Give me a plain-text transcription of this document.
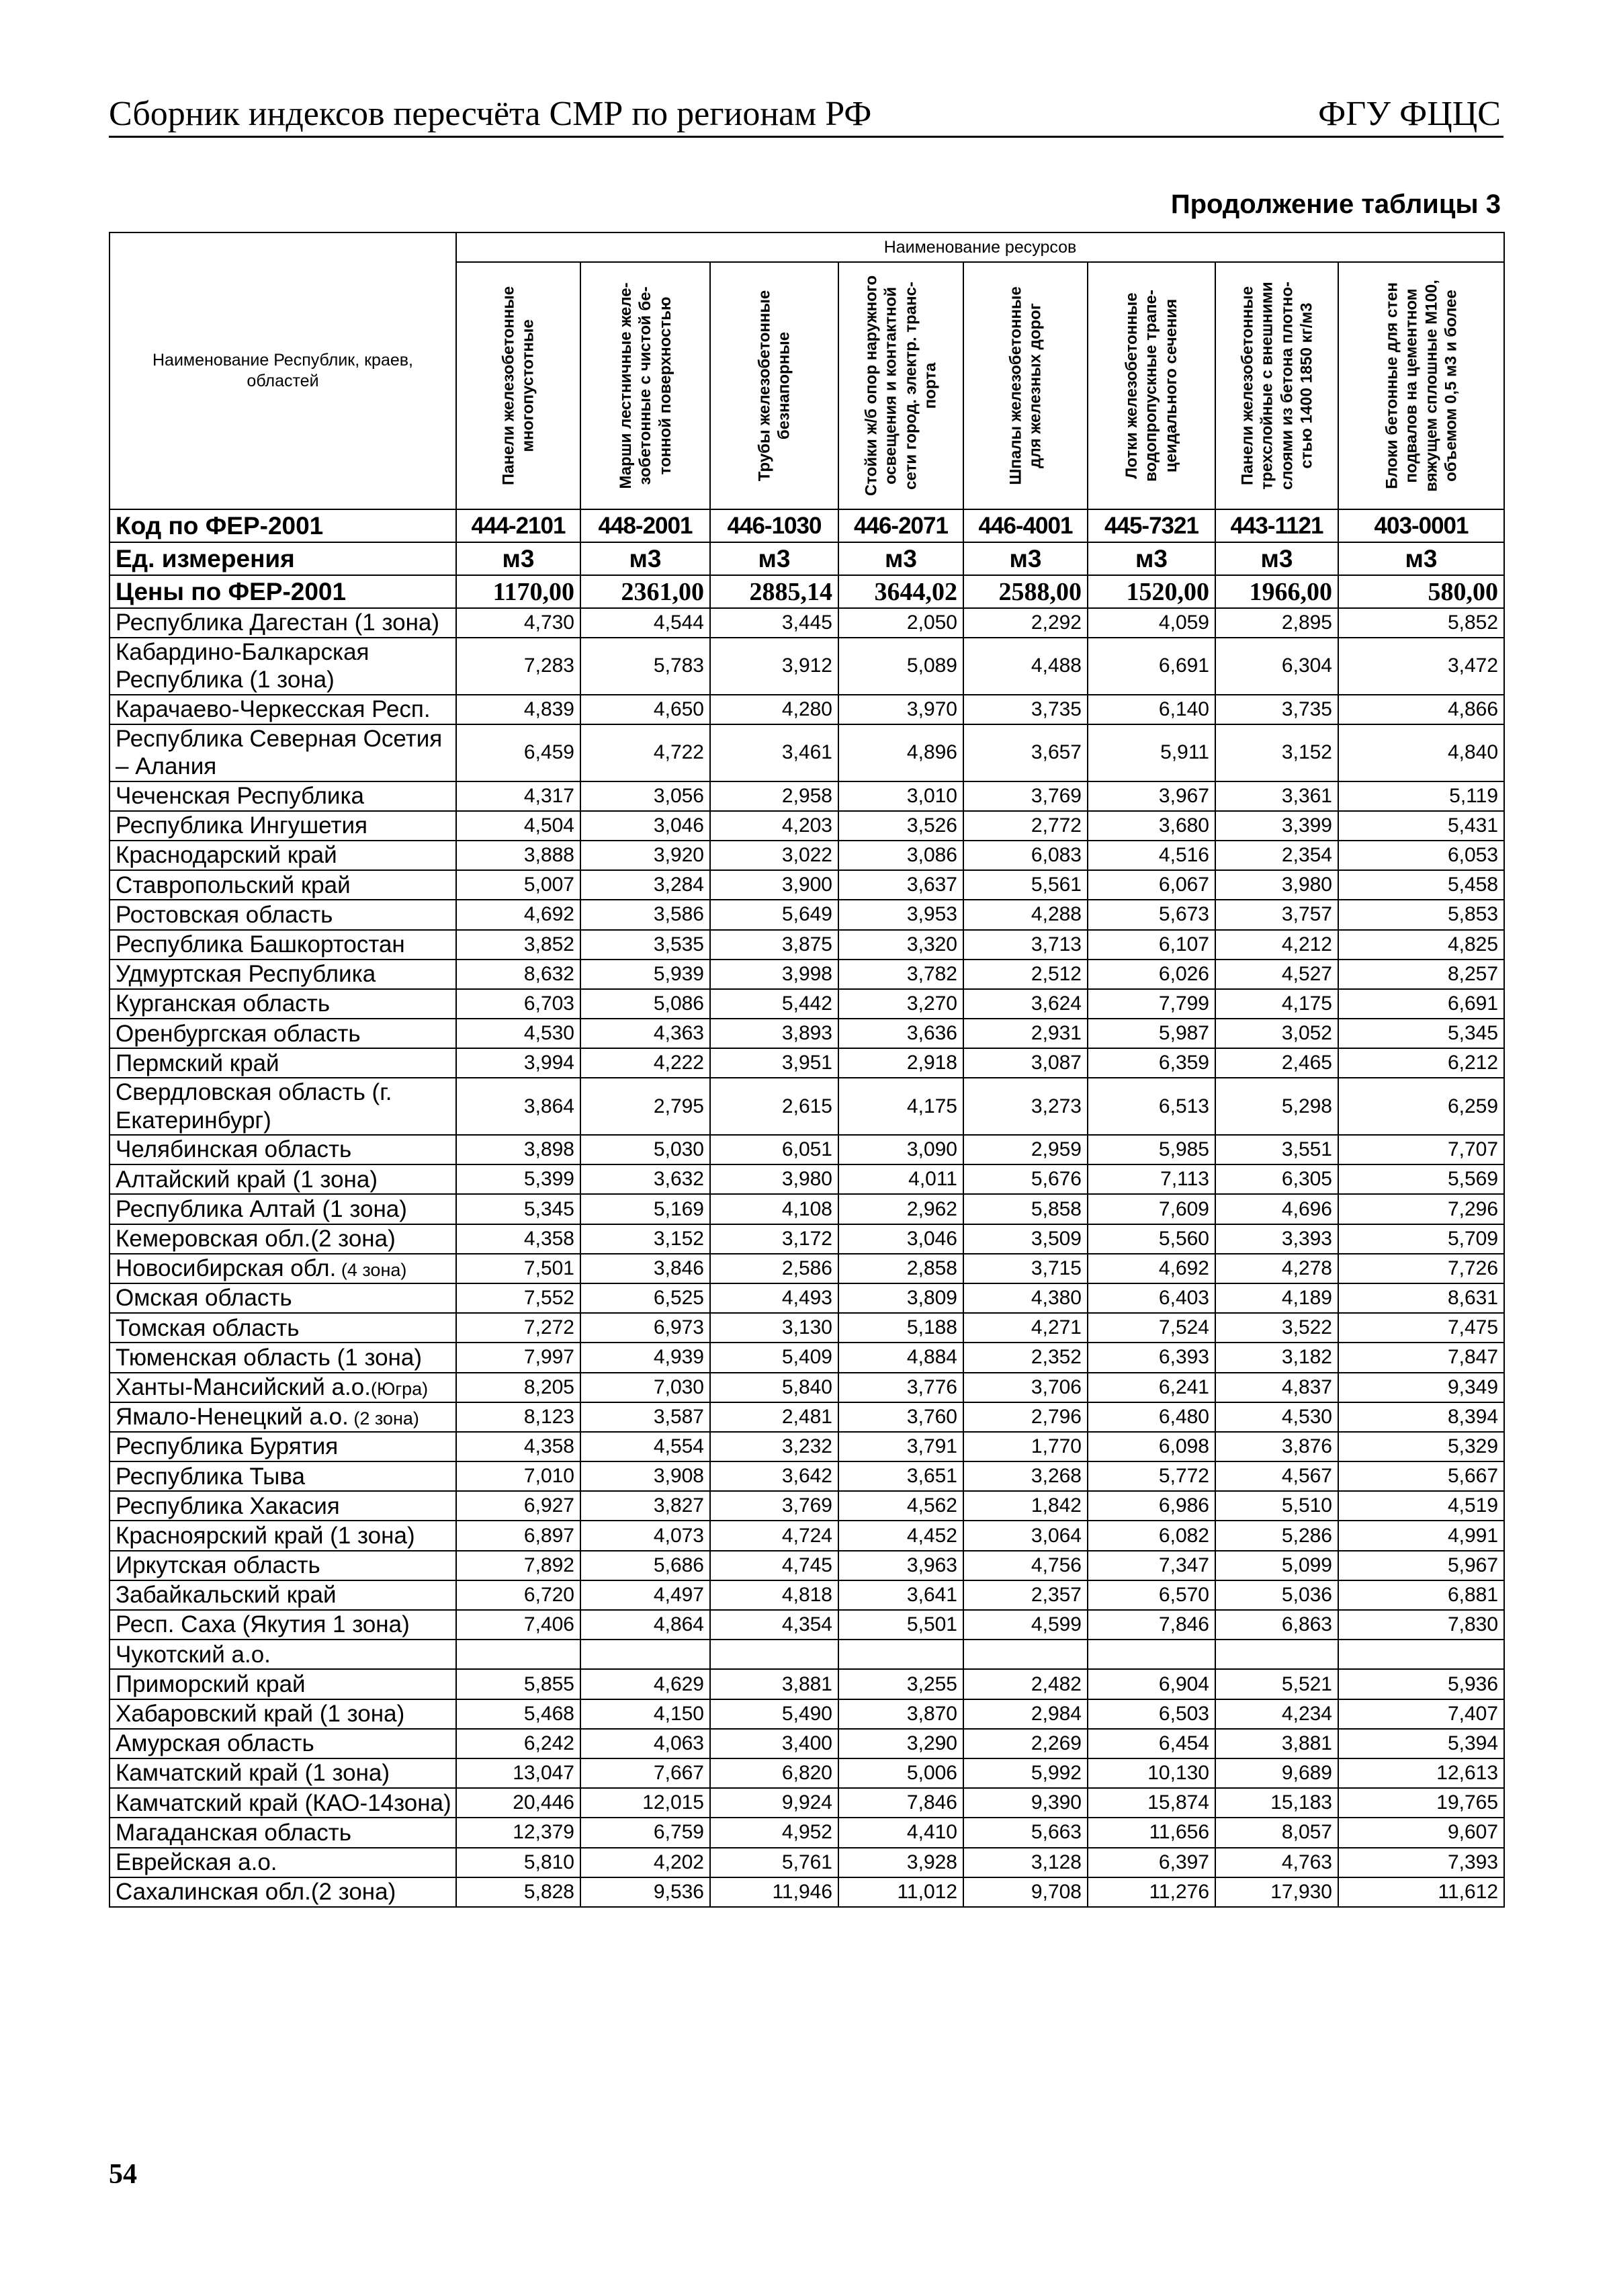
Сборник индексов пересчёта СМР по регионам РФ	ФГУ ФЦЦС
Продолжение таблицы 3
Наименование Республик, краев, областей	Наименование ресурсов							

	Панели железобетонные многопустотные	Марши лестничные желе-зобетонные с чистой бе-тонной поверхностью	Трубы железобетонные безнапорные	Стойки ж/б опор наружного освещения и контактной сети город. электр. транс-порта	Шпалы железобетонные для железных дорог	Лотки железобетонные водопропускные трапе-цеидального сечения	Панели железобетонные трехслойные с внешними слоями из бетона плотно-стью 1400 1850 кг/м3	Блоки бетонные для стен подвалов на цементном вяжущем сплошные М100, объемом 0,5 м3 и более

Код по ФЕР-2001	444-2101	448-2001	446-1030	446-2071	446-4001	445-7321	443-1121	403-0001
Ед. измерения	м3	м3	м3	м3	м3	м3	м3	м3
Цены по ФЕР-2001	1170,00	2361,00	2885,14	3644,02	2588,00	1520,00	1966,00	580,00
Республика Дагестан (1 зона)	4,730	4,544	3,445	2,050	2,292	4,059	2,895	5,852
Кабардино-Балкарская Республика (1 зона)	7,283	5,783	3,912	5,089	4,488	6,691	6,304	3,472
Карачаево-Черкесская Респ.	4,839	4,650	4,280	3,970	3,735	6,140	3,735	4,866
Республика Северная Осетия – Алания	6,459	4,722	3,461	4,896	3,657	5,911	3,152	4,840
Чеченская Республика	4,317	3,056	2,958	3,010	3,769	3,967	3,361	5,119
Республика Ингушетия	4,504	3,046	4,203	3,526	2,772	3,680	3,399	5,431
Краснодарский край	3,888	3,920	3,022	3,086	6,083	4,516	2,354	6,053
Ставропольский край	5,007	3,284	3,900	3,637	5,561	6,067	3,980	5,458
Ростовская область	4,692	3,586	5,649	3,953	4,288	5,673	3,757	5,853
Республика Башкортостан	3,852	3,535	3,875	3,320	3,713	6,107	4,212	4,825
Удмуртская Республика	8,632	5,939	3,998	3,782	2,512	6,026	4,527	8,257
Курганская область	6,703	5,086	5,442	3,270	3,624	7,799	4,175	6,691
Оренбургская область	4,530	4,363	3,893	3,636	2,931	5,987	3,052	5,345
Пермский край	3,994	4,222	3,951	2,918	3,087	6,359	2,465	6,212
Свердловская область (г. Екатеринбург)	3,864	2,795	2,615	4,175	3,273	6,513	5,298	6,259
Челябинская область	3,898	5,030	6,051	3,090	2,959	5,985	3,551	7,707
Алтайский край (1 зона)	5,399	3,632	3,980	4,011	5,676	7,113	6,305	5,569
Республика Алтай (1 зона)	5,345	5,169	4,108	2,962	5,858	7,609	4,696	7,296
Кемеровская обл.(2 зона)	4,358	3,152	3,172	3,046	3,509	5,560	3,393	5,709
Новосибирская обл. (4 зона)	7,501	3,846	2,586	2,858	3,715	4,692	4,278	7,726
Омская область	7,552	6,525	4,493	3,809	4,380	6,403	4,189	8,631
Томская область	7,272	6,973	3,130	5,188	4,271	7,524	3,522	7,475
Тюменская область (1 зона)	7,997	4,939	5,409	4,884	2,352	6,393	3,182	7,847
Ханты-Мансийский а.о.(Югра)	8,205	7,030	5,840	3,776	3,706	6,241	4,837	9,349
Ямало-Ненецкий а.о. (2 зона)	8,123	3,587	2,481	3,760	2,796	6,480	4,530	8,394
Республика Бурятия	4,358	4,554	3,232	3,791	1,770	6,098	3,876	5,329
Республика Тыва	7,010	3,908	3,642	3,651	3,268	5,772	4,567	5,667
Республика Хакасия	6,927	3,827	3,769	4,562	1,842	6,986	5,510	4,519
Красноярский край (1 зона)	6,897	4,073	4,724	4,452	3,064	6,082	5,286	4,991
Иркутская область	7,892	5,686	4,745	3,963	4,756	7,347	5,099	5,967
Забайкальский край	6,720	4,497	4,818	3,641	2,357	6,570	5,036	6,881
Респ. Саха (Якутия 1 зона)	7,406	4,864	4,354	5,501	4,599	7,846	6,863	7,830
Чукотский а.о.								
Приморский край	5,855	4,629	3,881	3,255	2,482	6,904	5,521	5,936
Хабаровский край (1 зона)	5,468	4,150	5,490	3,870	2,984	6,503	4,234	7,407
Амурская область	6,242	4,063	3,400	3,290	2,269	6,454	3,881	5,394
Камчатский край (1 зона)	13,047	7,667	6,820	5,006	5,992	10,130	9,689	12,613
Камчатский край (КАО-14зона)	20,446	12,015	9,924	7,846	9,390	15,874	15,183	19,765
Магаданская область	12,379	6,759	4,952	4,410	5,663	11,656	8,057	9,607
Еврейская а.о.	5,810	4,202	5,761	3,928	3,128	6,397	4,763	7,393
Сахалинская обл.(2 зона)	5,828	9,536	11,946	11,012	9,708	11,276	17,930	11,612
54
